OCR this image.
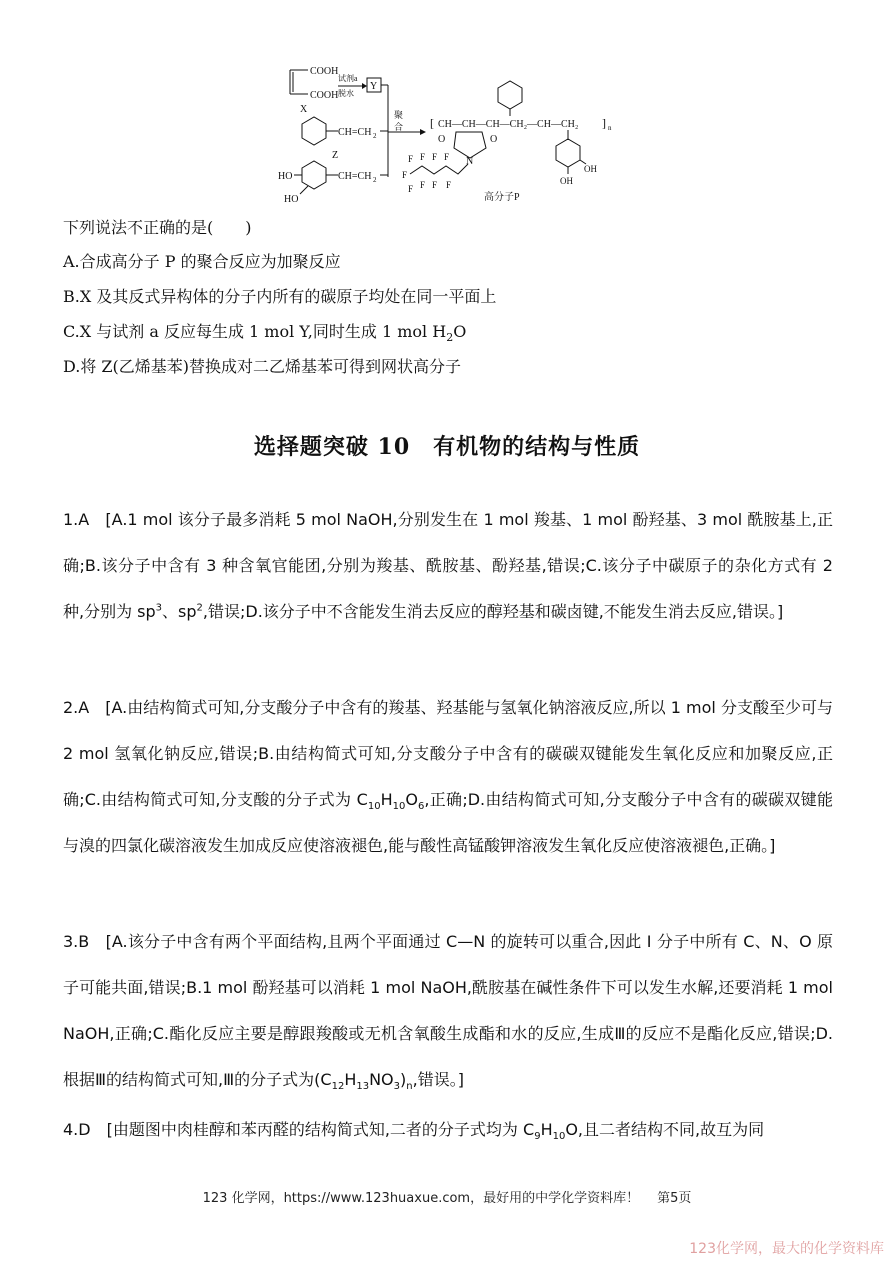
COOH
COOH
X
试剂a
脱水
Y
聚
合
CH=CH 2
Z
CH=CH 2
HO
HO
CH—CH—CH—CH₂—CH—CH₂
[	] n
O	O
N
F
F
F
F
F
F
F
F
F
OH
OH
高分子P
下列说法不正确的是(　　)
A.合成高分子 P 的聚合反应为加聚反应
B.X 及其反式异构体的分子内所有的碳原子均处在同一平面上
C.X 与试剂 a 反应每生成 1 mol Y,同时生成 1 mol $H_2O$
D.将 Z(乙烯基苯)替换成对二乙烯基苯可得到网状高分子
选择题突破 10　有机物的结构与性质
1.A　[A.1 mol 该分子最多消耗 5 mol NaOH,分别发生在 1 mol 羧基、1 mol 酚羟基、3 mol 酰胺基上,正确;B.该分子中含有 3 种含氧官能团,分别为羧基、酰胺基、酚羟基,错误;C.该分子中碳原子的杂化方式有 2 种,分别为 $sp^3$、$sp^2$,错误;D.该分子中不含能发生消去反应的醇羟基和碳卤键,不能发生消去反应,错误。]
2.A　[A.由结构简式可知,分支酸分子中含有的羧基、羟基能与氢氧化钠溶液反应,所以 1 mol 分支酸至少可与 2 mol 氢氧化钠反应,错误;B.由结构简式可知,分支酸分子中含有的碳碳双键能发生氧化反应和加聚反应,正确;C.由结构简式可知,分支酸的分子式为 $C_{10}H_{10}O_6$,正确;D.由结构简式可知,分支酸分子中含有的碳碳双键能与溴的四氯化碳溶液发生加成反应使溶液褪色,能与酸性高锰酸钾溶液发生氧化反应使溶液褪色,正确。]
3.B　[A.该分子中含有两个平面结构,且两个平面通过 C—N 的旋转可以重合,因此 Ⅰ 分子中所有 C、N、O 原子可能共面,错误;B.1 mol 酚羟基可以消耗 1 mol NaOH,酰胺基在碱性条件下可以发生水解,还要消耗 1 mol NaOH,正确;C.酯化反应主要是醇跟羧酸或无机含氧酸生成酯和水的反应,生成Ⅲ的反应不是酯化反应,错误;D.根据Ⅲ的结构简式可知,Ⅲ的分子式为$(C_{12}H_{13}NO_3)_n$,错误。]
4.D　[由题图中肉桂醇和苯丙醛的结构简式知,二者的分子式均为 $C_9H_{10}O$,且二者结构不同,故互为同
123 化学网，https://www.123huaxue.com，最好用的中学化学资料库！ 第5页
123化学网，最大的化学资料库
